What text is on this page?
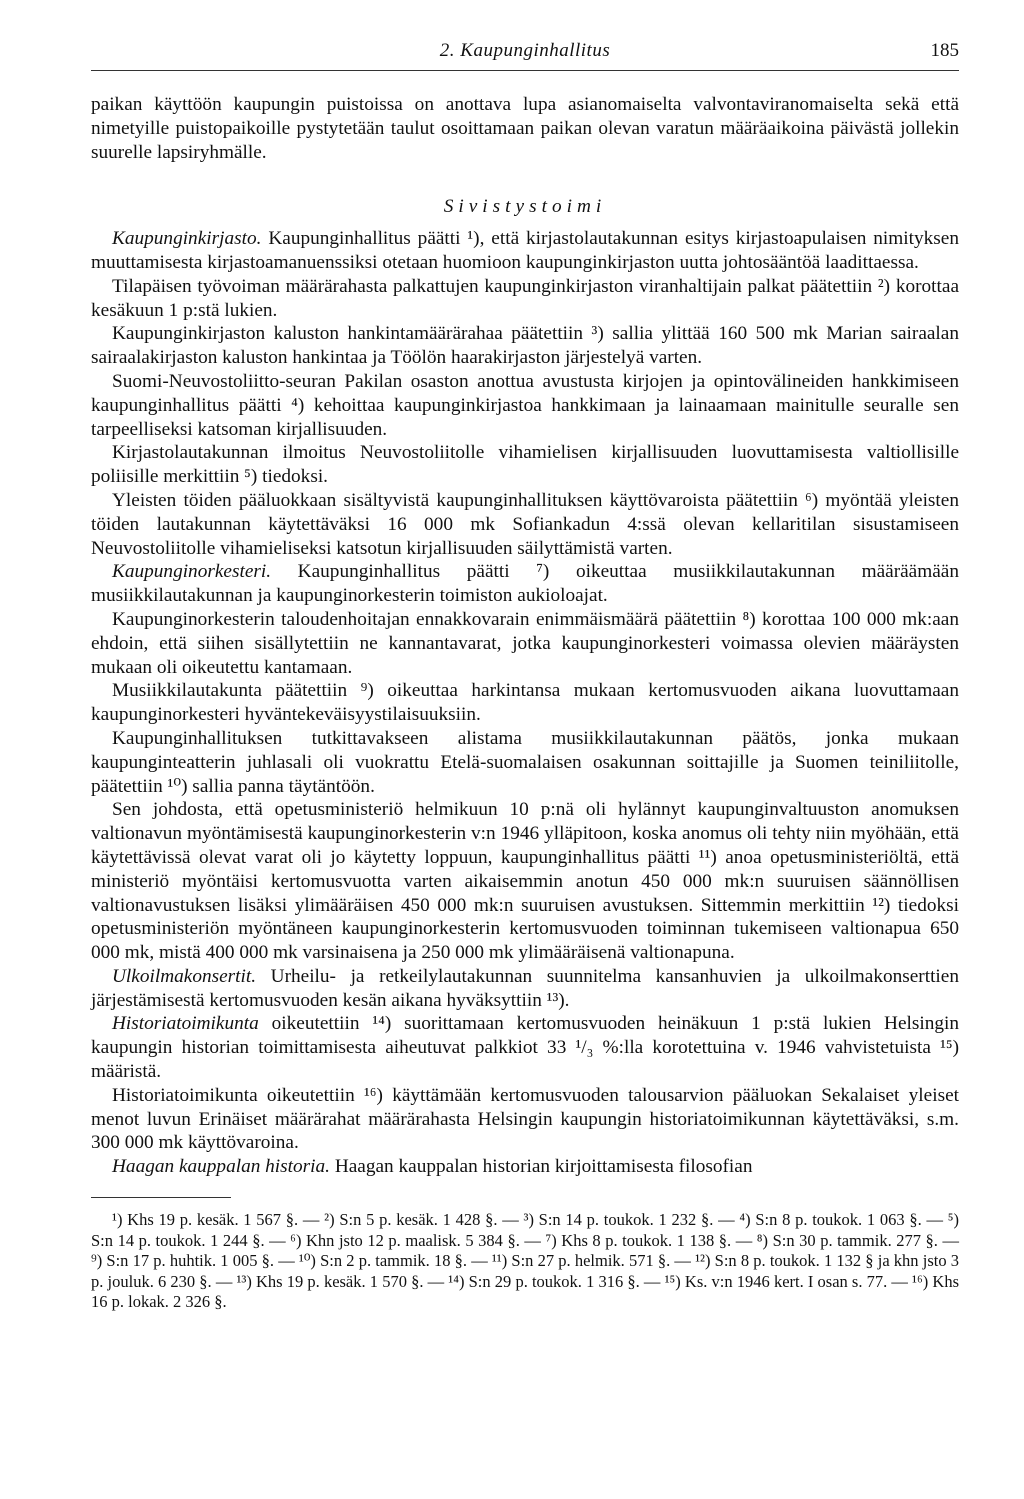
2. Kaupunginhallitus	185

paikan käyttöön kaupungin puistoissa on anottava lupa asianomaiselta valvontaviranomaiselta sekä että nimetyille puistopaikoille pystytetään taulut osoittamaan paikan olevan varatun määräaikoina päivästä jollekin suurelle lapsiryhmälle.

Sivistystoimi

Kaupunginkirjasto. Kaupunginhallitus päätti ¹), että kirjastolautakunnan esitys kirjastoapulaisen nimityksen muuttamisesta kirjastoamanuenssiksi otetaan huomioon kaupunginkirjaston uutta johtosääntöä laadittaessa.

Tilapäisen työvoiman määrärahasta palkattujen kaupunginkirjaston viranhaltijain palkat päätettiin ²) korottaa kesäkuun 1 p:stä lukien.

Kaupunginkirjaston kaluston hankintamäärärahaa päätettiin ³) sallia ylittää 160 500 mk Marian sairaalan sairaalakirjaston kaluston hankintaa ja Töölön haarakirjaston järjestelyä varten.

Suomi-Neuvostoliitto-seuran Pakilan osaston anottua avustusta kirjojen ja opintovälineiden hankkimiseen kaupunginhallitus päätti ⁴) kehoittaa kaupunginkirjastoa hankkimaan ja lainaamaan mainitulle seuralle sen tarpeelliseksi katsoman kirjallisuuden.

Kirjastolautakunnan ilmoitus Neuvostoliitolle vihamielisen kirjallisuuden luovuttamisesta valtiollisille poliisille merkittiin ⁵) tiedoksi.

Yleisten töiden pääluokkaan sisältyvistä kaupunginhallituksen käyttövaroista päätettiin ⁶) myöntää yleisten töiden lautakunnan käytettäväksi 16 000 mk Sofiankadun 4:ssä olevan kellaritilan sisustamiseen Neuvostoliitolle vihamieliseksi katsotun kirjallisuuden säilyttämistä varten.

Kaupunginorkesteri. Kaupunginhallitus päätti ⁷) oikeuttaa musiikkilautakunnan määräämään musiikkilautakunnan ja kaupunginorkesterin toimiston aukioloajat.

Kaupunginorkesterin taloudenhoitajan ennakkovarain enimmäismäärä päätettiin ⁸) korottaa 100 000 mk:aan ehdoin, että siihen sisällytettiin ne kannantavarat, jotka kaupunginorkesteri voimassa olevien määräysten mukaan oli oikeutettu kantamaan.

Musiikkilautakunta päätettiin ⁹) oikeuttaa harkintansa mukaan kertomusvuoden aikana luovuttamaan kaupunginorkesteri hyväntekeväisyystilaisuuksiin.

Kaupunginhallituksen tutkittavakseen alistama musiikkilautakunnan päätös, jonka mukaan kaupunginteatterin juhlasali oli vuokrattu Etelä-suomalaisen osakunnan soittajille ja Suomen teiniliitolle, päätettiin ¹⁰) sallia panna täytäntöön.

Sen johdosta, että opetusministeriö helmikuun 10 p:nä oli hylännyt kaupunginvaltuuston anomuksen valtionavun myöntämisestä kaupunginorkesterin v:n 1946 ylläpitoon, koska anomus oli tehty niin myöhään, että käytettävissä olevat varat oli jo käytetty loppuun, kaupunginhallitus päätti ¹¹) anoa opetusministeriöltä, että ministeriö myöntäisi kertomusvuotta varten aikaisemmin anotun 450 000 mk:n suuruisen säännöllisen valtionavustuksen lisäksi ylimääräisen 450 000 mk:n suuruisen avustuksen. Sittemmin merkittiin ¹²) tiedoksi opetusministeriön myöntäneen kaupunginorkesterin kertomusvuoden toiminnan tukemiseen valtionapua 650 000 mk, mistä 400 000 mk varsinaisena ja 250 000 mk ylimääräisenä valtionapuna.

Ulkoilmakonsertit. Urheilu- ja retkeilylautakunnan suunnitelma kansanhuvien ja ulkoilmakonserttien järjestämisestä kertomusvuoden kesän aikana hyväksyttiin ¹³).

Historiatoimikunta oikeutettiin ¹⁴) suorittamaan kertomusvuoden heinäkuun 1 p:stä lukien Helsingin kaupungin historian toimittamisesta aiheutuvat palkkiot 33 ¹/₃ %:lla korotettuina v. 1946 vahvistetuista ¹⁵) määristä.

Historiatoimikunta oikeutettiin ¹⁶) käyttämään kertomusvuoden talousarvion pääluokan Sekalaiset yleiset menot luvun Erinäiset määrärahat määrärahasta Helsingin kaupungin historiatoimikunnan käytettäväksi, s.m. 300 000 mk käyttövaroina.

Haagan kauppalan historia. Haagan kauppalan historian kirjoittamisesta filosofian

¹) Khs 19 p. kesäk. 1 567 §. — ²) S:n 5 p. kesäk. 1 428 §. — ³) S:n 14 p. toukok. 1 232 §. — ⁴) S:n 8 p. toukok. 1 063 §. — ⁵) S:n 14 p. toukok. 1 244 §. — ⁶) Khn jsto 12 p. maalisk. 5 384 §. — ⁷) Khs 8 p. toukok. 1 138 §. — ⁸) S:n 30 p. tammik. 277 §. — ⁹) S:n 17 p. huhtik. 1 005 §. — ¹⁰) S:n 2 p. tammik. 18 §. — ¹¹) S:n 27 p. helmik. 571 §. — ¹²) S:n 8 p. toukok. 1 132 § ja khn jsto 3 p. jouluk. 6 230 §. — ¹³) Khs 19 p. kesäk. 1 570 §. — ¹⁴) S:n 29 p. toukok. 1 316 §. — ¹⁵) Ks. v:n 1946 kert. I osan s. 77. — ¹⁶) Khs 16 p. lokak. 2 326 §.
